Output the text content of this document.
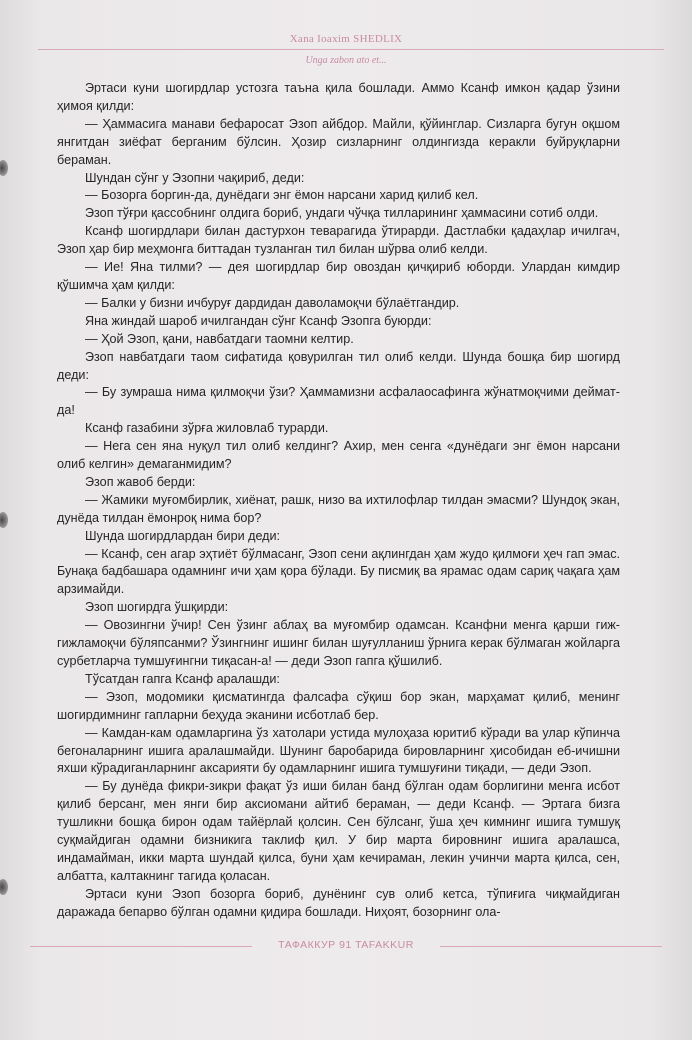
Xana Ioaxim SHEDLIX
Unga zabon ato et...

Эртаси куни шогирдлар устозга таъна қила бошлади. Аммо Ксанф имкон қадар ўзини ҳимоя қилди:

— Ҳаммасига манави бефаросат Эзоп айбдор. Майли, қўйинглар. Сизларга бугун оқшом янгитдан зиёфат берганим бўлсин. Ҳозир сизларнинг олдингизда керакли буйруқларни бераман.

Шундан сўнг у Эзопни чақириб, деди:

— Бозорга боргин-да, дунёдаги энг ёмон нарсани харид қилиб кел.

Эзоп тўғри қассобнинг олдига бориб, ундаги чўчқа тилларининг ҳаммасини сотиб олди.

Ксанф шогирдлари билан дастурхон теварагида ўтирарди. Дастлабки қадаҳлар ичилгач, Эзоп ҳар бир меҳмонга биттадан тузланган тил билан шўрва олиб келди.

— Ие! Яна тилми? — дея шогирдлар бир овоздан қичқириб юборди. Улардан кимдир қўшимча ҳам қилди:

— Балки у бизни ичбуруғ дардидан даволамоқчи бўлаётгандир.

Яна жиндай шароб ичилгандан сўнг Ксанф Эзопга буюрди:

— Ҳой Эзоп, қани, навбатдаги таомни келтир.

Эзоп навбатдаги таом сифатида қовурилган тил олиб келди. Шунда бошқа бир шогирд деди:

— Бу зумраша нима қилмоқчи ўзи? Ҳаммамизни асфалаосафинга жўнатмоқчими деймат-да!

Ксанф газабини зўрға жиловлаб турарди.

— Нега сен яна нуқул тил олиб келдинг? Ахир, мен сенга «дунёдаги энг ёмон нарсани олиб келгин» демаганмидим?

Эзоп жавоб берди:

— Жамики муғомбирлик, хиёнат, рашк, низо ва ихтилофлар тилдан эмасми? Шундоқ экан, дунёда тилдан ёмонроқ нима бор?

Шунда шогирдлардан бири деди:

— Ксанф, сен агар эҳтиёт бўлмасанг, Эзоп сени ақлингдан ҳам жудо қилмоғи ҳеч гап эмас. Бунақа бадбашара одамнинг ичи ҳам қора бўлади. Бу писмиқ ва ярамас одам сариқ чақага ҳам арзимайди.

Эзоп шогирдга ўшқирди:

— Овозингни ўчир! Сен ўзинг аблаҳ ва муғомбир одамсан. Ксанфни менга қарши гиж-гижламоқчи бўляпсанми? Ўзингнинг ишинг билан шуғулланиш ўрнига керак бўлмаган жойларга сурбетларча тумшуғингни тиқасан-а! — деди Эзоп гапга қўшилиб.

Тўсатдан гапга Ксанф аралашди:

— Эзоп, модомики қисматингда фалсафа сўқиш бор экан, марҳамат қилиб, менинг шогирдимнинг гапларни беҳуда эканини исботлаб бер.

— Камдан-кам одамларгина ўз хатолари устида мулоҳаза юритиб кўради ва улар кўпинча бегоналарнинг ишига аралашмайди. Шунинг баробарида бировларнинг ҳисобидан еб-ичишни яхши кўрадиганларнинг аксарияти бу одамларнинг ишига тумшуғини тиқади, — деди Эзоп.

— Бу дунёда фикри-зикри фақат ўз иши билан банд бўлган одам борлигини менга исбот қилиб берсанг, мен янги бир аксиомани айтиб бераман, — деди Ксанф. — Эртага бизга тушликни бошқа бирон одам тайёрлай қолсин. Сен бўлсанг, ўша ҳеч кимнинг ишига тумшуқ суқмайдиган одамни бизникига таклиф қил. У бир марта бировнинг ишига аралашса, индамайман, икки марта шундай қилса, буни ҳам кечираман, лекин учинчи марта қилса, сен, албатта, калтакнинг тагида қоласан.

Эртаси куни Эзоп бозорга бориб, дунёнинг сув олиб кетса, тўпиғига чиқмайдиган даражада бепарво бўлган одамни қидира бошлади. Ниҳоят, бозорнинг ола-

ТАФАККУР 91 TAFAKKUR
